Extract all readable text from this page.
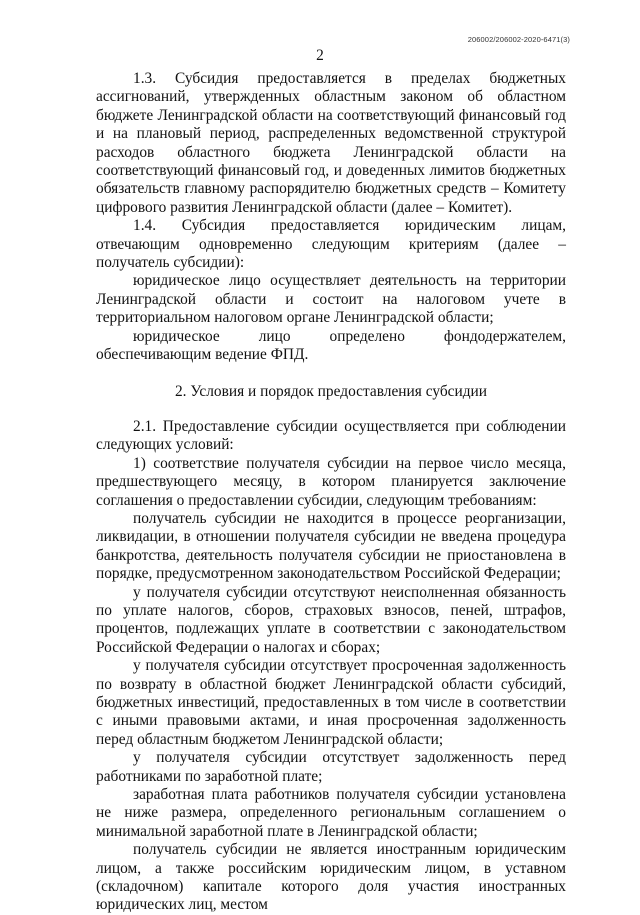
206002/206002-2020-6471(3)
2

1.3. Субсидия предоставляется в пределах бюджетных ассигнований, утвержденных областным законом об областном бюджете Ленинградской области на соответствующий финансовый год и на плановый период, распределенных ведомственной структурой расходов областного бюджета Ленинградской области на соответствующий финансовый год, и доведенных лимитов бюджетных обязательств главному распорядителю бюджетных средств – Комитету цифрового развития Ленинградской области (далее – Комитет).

1.4. Субсидия предоставляется юридическим лицам, отвечающим одновременно следующим критериям (далее – получатель субсидии):

юридическое лицо осуществляет деятельность на территории Ленинградской области и состоит на налоговом учете в территориальном налоговом органе Ленинградской области;

юридическое лицо определено фондодержателем, обеспечивающим ведение ФПД.

2. Условия и порядок предоставления субсидии

2.1. Предоставление субсидии осуществляется при соблюдении следующих условий:

1) соответствие получателя субсидии на первое число месяца, предшествующего месяцу, в котором планируется заключение соглашения о предоставлении субсидии, следующим требованиям:

получатель субсидии не находится в процессе реорганизации, ликвидации, в отношении получателя субсидии не введена процедура банкротства, деятельность получателя субсидии не приостановлена в порядке, предусмотренном законодательством Российской Федерации;

у получателя субсидии отсутствуют неисполненная обязанность по уплате налогов, сборов, страховых взносов, пеней, штрафов, процентов, подлежащих уплате в соответствии с законодательством Российской Федерации о налогах и сборах;

у получателя субсидии отсутствует просроченная задолженность по возврату в областной бюджет Ленинградской области субсидий, бюджетных инвестиций, предоставленных в том числе в соответствии с иными правовыми актами, и иная просроченная задолженность перед областным бюджетом Ленинградской области;

у получателя субсидии отсутствует задолженность перед работниками по заработной плате;

заработная плата работников получателя субсидии установлена не ниже размера, определенного региональным соглашением о минимальной заработной плате в Ленинградской области;

получатель субсидии не является иностранным юридическим лицом, а также российским юридическим лицом, в уставном (складочном) капитале которого доля участия иностранных юридических лиц, местом
